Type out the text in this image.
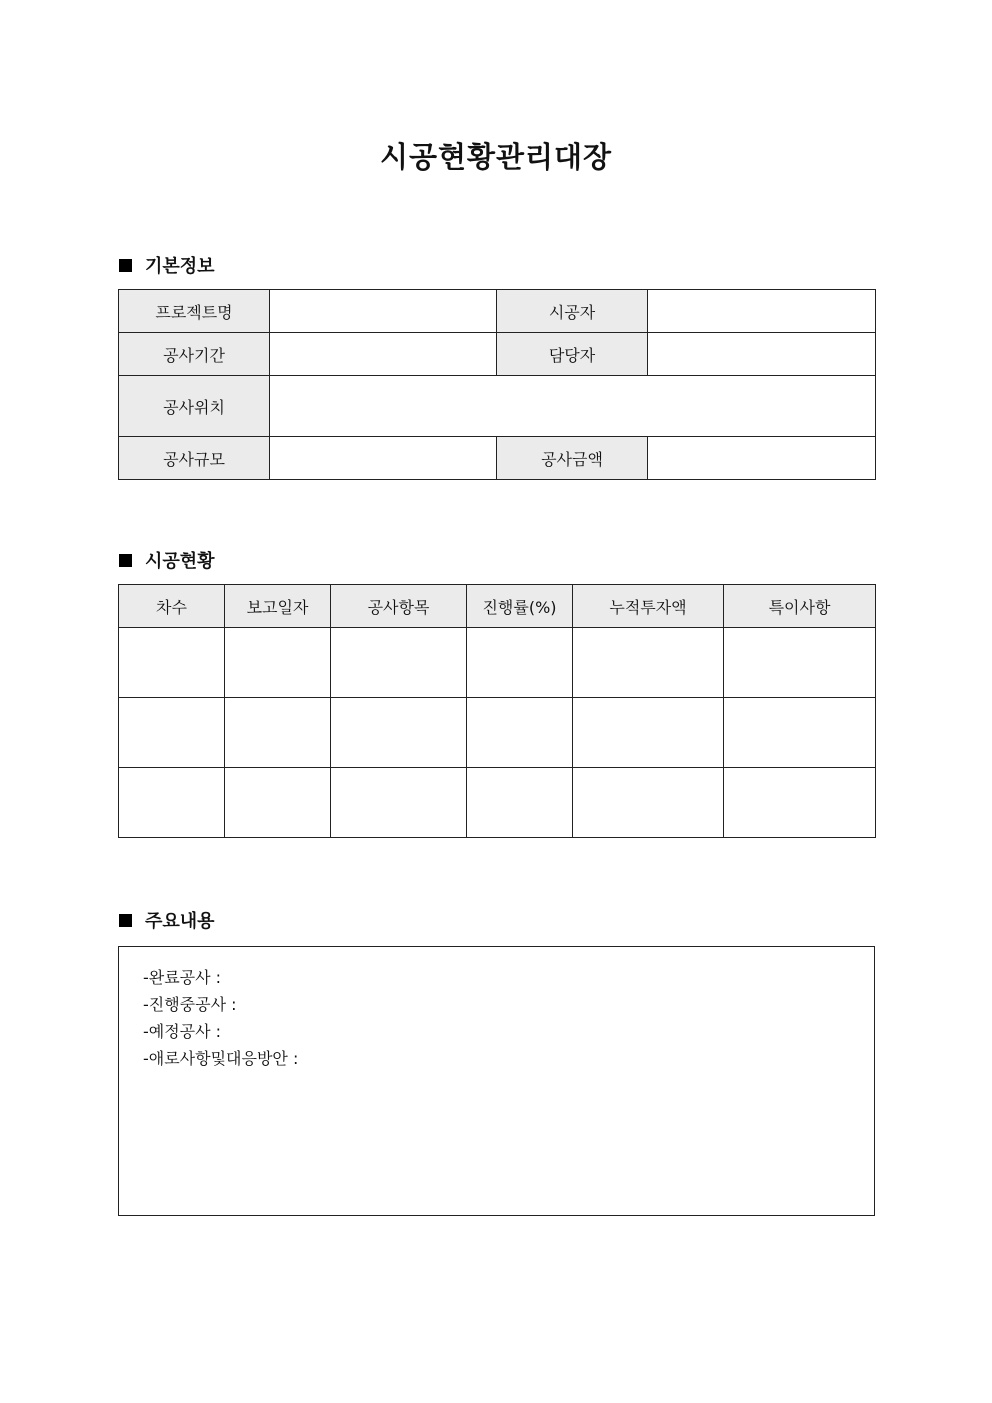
시공현황관리대장
기본정보
프로젝트명		시공자	
공사기간		담당자	
공사위치			
공사규모		공사금액	
시공현황
차수	보고일자	공사항목	진행률(%)	누적투자액	특이사항

주요내용
-완료공사 :
-진행중공사 :
-예정공사 :
-애로사항및대응방안 :
